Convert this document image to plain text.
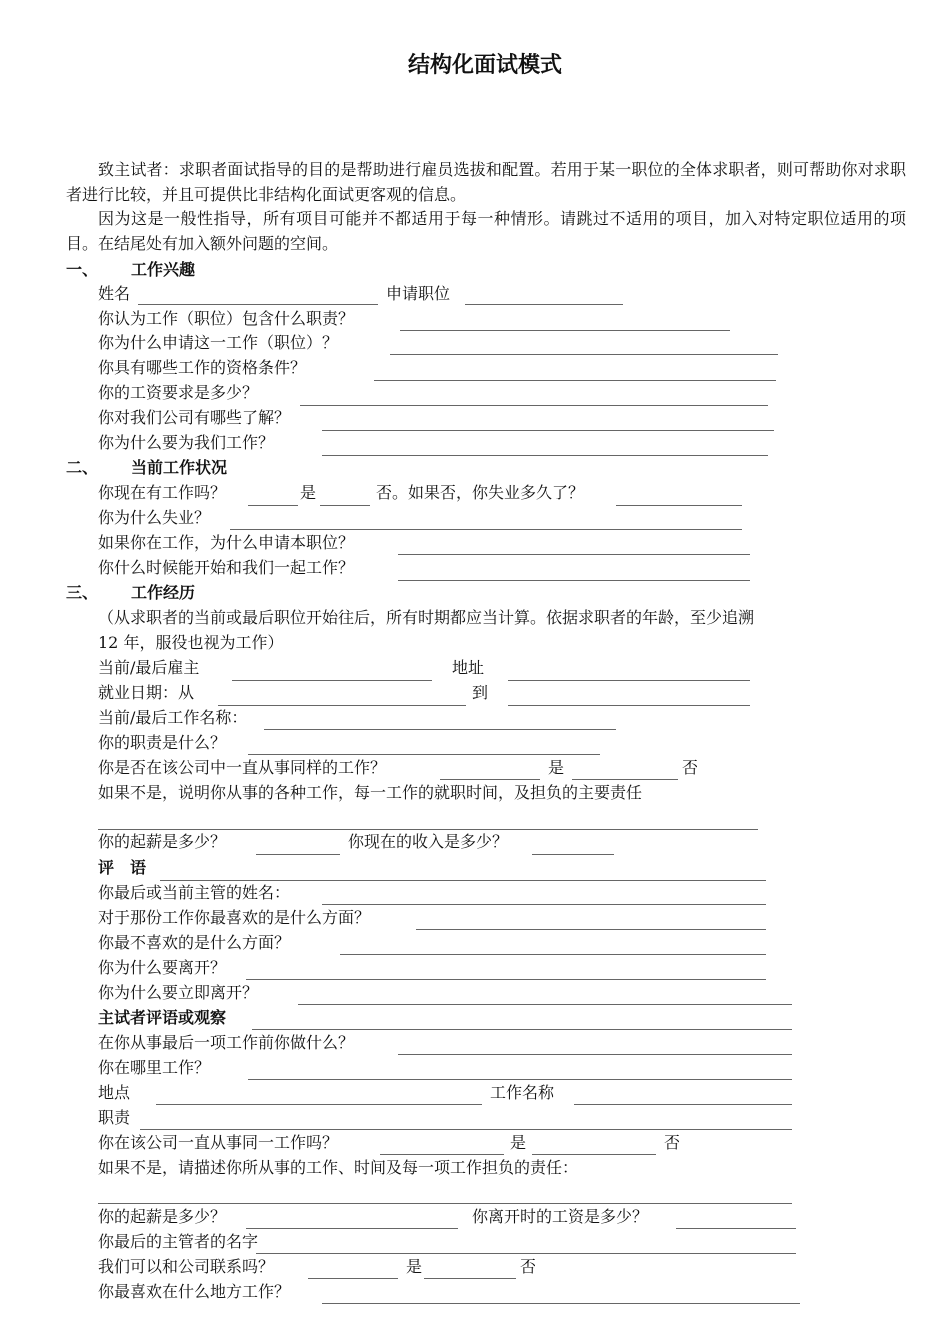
结构化面试模式
致主试者：求职者面试指导的目的是帮助进行雇员选拔和配置。若用于某一职位的全体求职者，则可帮助你对求职者进行比较，并且可提供比非结构化面试更客观的信息。
因为这是一般性指导，所有项目可能并不都适用于每一种情形。请跳过不适用的项目，加入对特定职位适用的项目。在结尾处有加入额外问题的空间。
一、 工作兴趣
姓名	申请职位
你认为工作（职位）包含什么职责？
你为什么申请这一工作（职位）？
你具有哪些工作的资格条件？
你的工资要求是多少？
你对我们公司有哪些了解？
你为什么要为我们工作？
二、 当前工作状况
你现在有工作吗？	是	否。如果否，你失业多久了？
你为什么失业？
如果你在工作，为什么申请本职位？
你什么时候能开始和我们一起工作？
三、 工作经历
（从求职者的当前或最后职位开始往后，所有时期都应当计算。依据求职者的年龄，至少追溯
12 年，服役也视为工作）
当前/最后雇主	地址
就业日期：从	到
当前/最后工作名称：
你的职责是什么？
你是否在该公司中一直从事同样的工作？	是	否
如果不是，说明你从事的各种工作，每一工作的就职时间，及担负的主要责任
你的起薪是多少？	你现在的收入是多少？
评　语
你最后或当前主管的姓名：
对于那份工作你最喜欢的是什么方面？
你最不喜欢的是什么方面？
你为什么要离开？
你为什么要立即离开？
主试者评语或观察
在你从事最后一项工作前你做什么？
你在哪里工作？
地点	工作名称
职责
你在该公司一直从事同一工作吗？	是	否
如果不是，请描述你所从事的工作、时间及每一项工作担负的责任：
你的起薪是多少？	你离开时的工资是多少？
你最后的主管者的名字
我们可以和公司联系吗？	是	否
你最喜欢在什么地方工作？
